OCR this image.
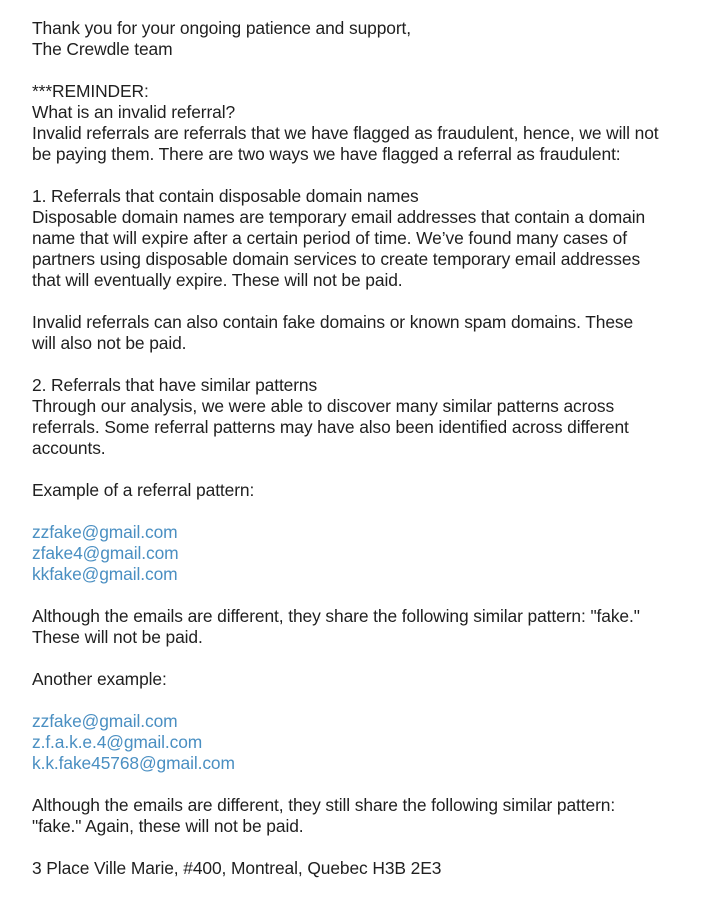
Thank you for your ongoing patience and support,
The Crewdle team
***REMINDER:
What is an invalid referral?
Invalid referrals are referrals that we have flagged as fraudulent, hence, we will not
be paying them. There are two ways we have flagged a referral as fraudulent:
1. Referrals that contain disposable domain names
Disposable domain names are temporary email addresses that contain a domain
name that will expire after a certain period of time. We’ve found many cases of
partners using disposable domain services to create temporary email addresses
that will eventually expire. These will not be paid.
Invalid referrals can also contain fake domains or known spam domains. These
will also not be paid.
2. Referrals that have similar patterns
Through our analysis, we were able to discover many similar patterns across
referrals. Some referral patterns may have also been identified across different
accounts.
Example of a referral pattern:
zzfake@gmail.com
zfake4@gmail.com
kkfake@gmail.com
Although the emails are different, they share the following similar pattern: "fake."
These will not be paid.
Another example:
zzfake@gmail.com
z.f.a.k.e.4@gmail.com
k.k.fake45768@gmail.com
Although the emails are different, they still share the following similar pattern:
"fake." Again, these will not be paid.
3 Place Ville Marie, #400, Montreal, Quebec H3B 2E3
